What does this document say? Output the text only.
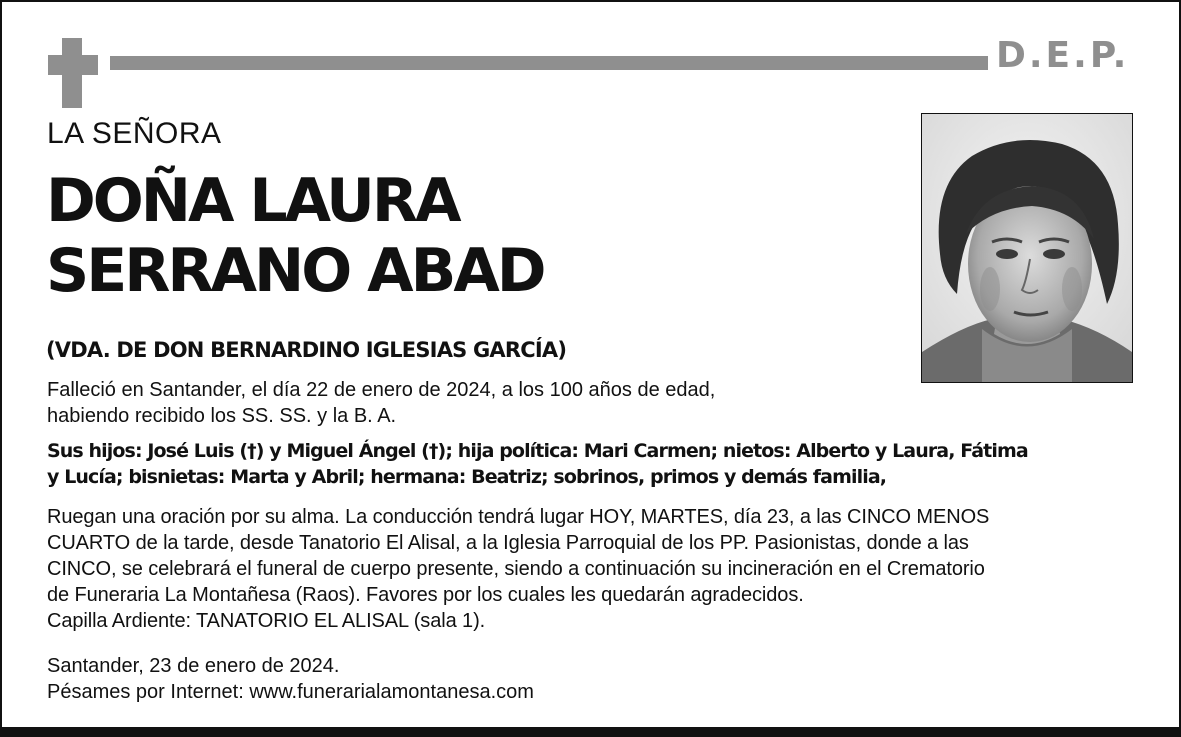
D.E.P.
LA SEÑORA
DOÑA LAURA
SERRANO ABAD
(VDA. DE DON BERNARDINO IGLESIAS GARCÍA)
Falleció en Santander, el día 22 de enero de 2024, a los 100 años de edad,
habiendo recibido los SS. SS. y la B. A.
Sus hijos: José Luis (†) y Miguel Ángel (†); hija política: Mari Carmen; nietos: Alberto y Laura, Fátima
y Lucía; bisnietas: Marta y Abril; hermana: Beatriz; sobrinos, primos y demás familia,
Ruegan una oración por su alma. La conducción tendrá lugar HOY, MARTES, día 23, a las CINCO MENOS
CUARTO de la tarde, desde Tanatorio El Alisal, a la Iglesia Parroquial de los PP. Pasionistas, donde a las
CINCO, se celebrará el funeral de cuerpo presente, siendo a continuación su incineración en el Crematorio
de Funeraria La Montañesa (Raos). Favores por los cuales les quedarán agradecidos.
Capilla Ardiente: TANATORIO EL ALISAL (sala 1).
Santander, 23 de enero de 2024.
Pésames por Internet: www.funerarialamontanesa.com
